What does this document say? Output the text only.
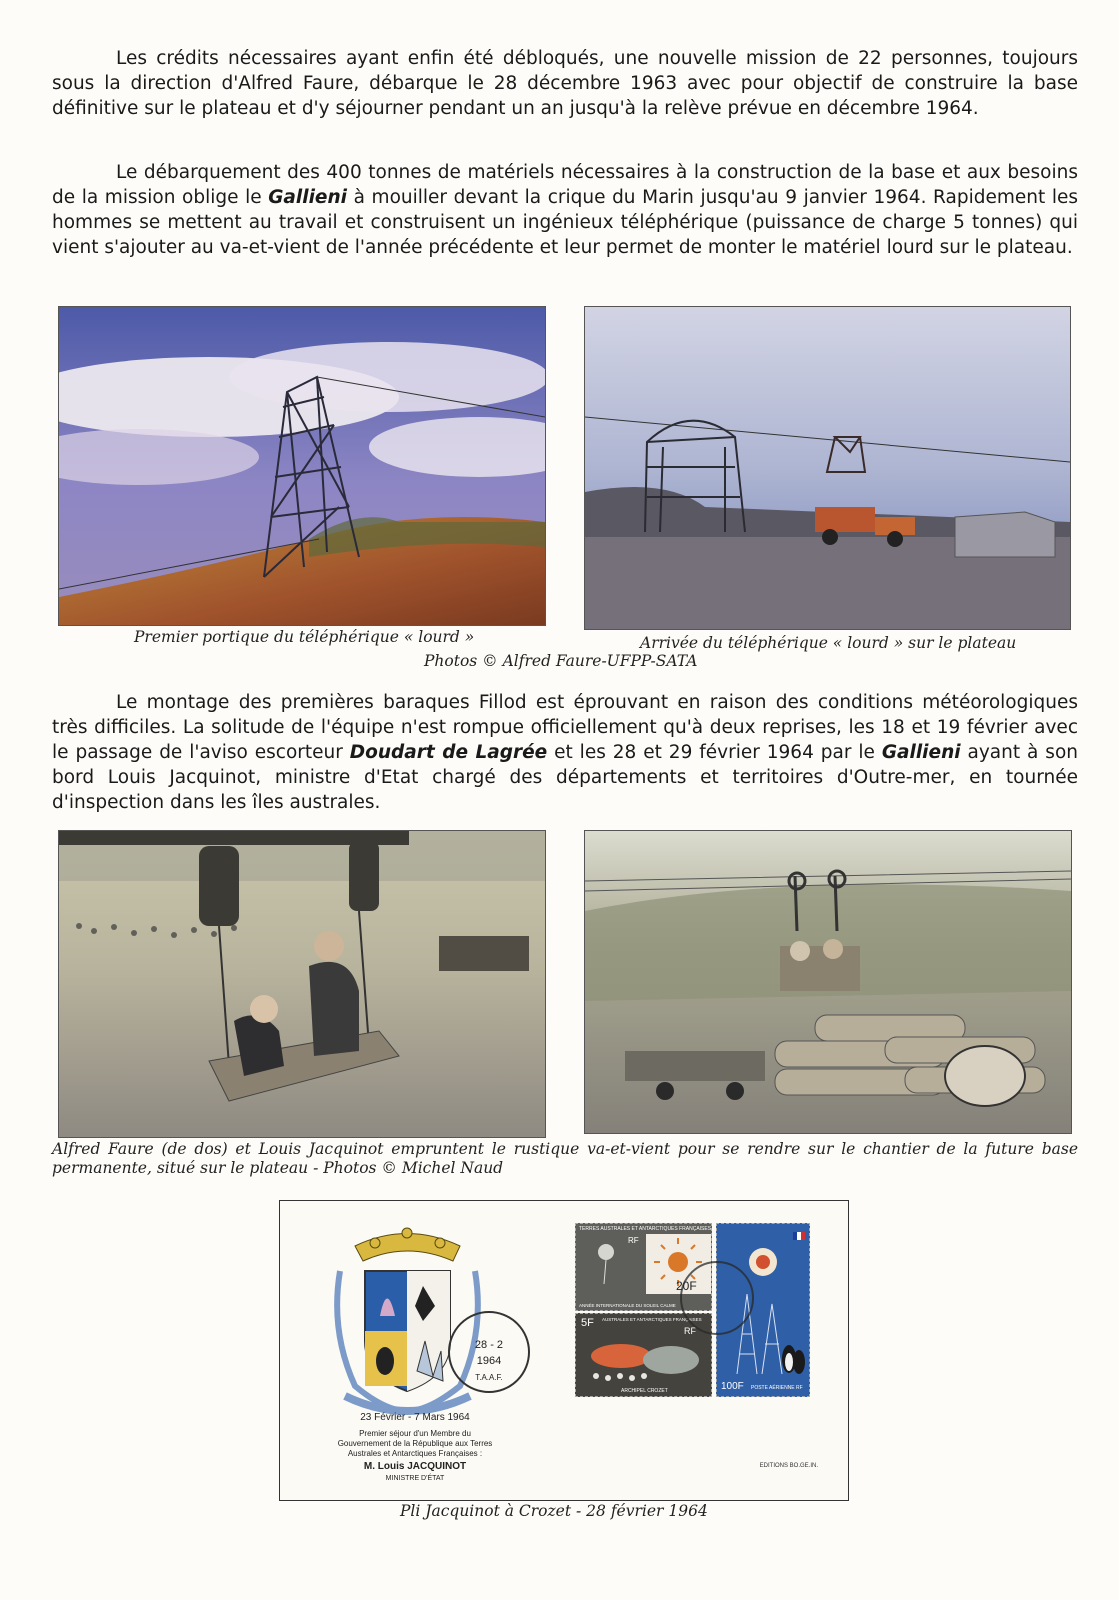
Les crédits nécessaires ayant enfin été débloqués, une nouvelle mission de 22 personnes, toujours sous la direction d'Alfred Faure, débarque le 28 décembre 1963 avec pour objectif de construire la base définitive sur le plateau et d'y séjourner pendant un an jusqu'à la relève prévue en décembre 1964.

Le débarquement des 400 tonnes de matériels nécessaires à la construction de la base et aux besoins de la mission oblige le Gallieni à mouiller devant la crique du Marin jusqu'au 9 janvier 1964. Rapidement les hommes se mettent au travail et construisent un ingénieux téléphérique (puissance de charge 5 tonnes) qui vient s'ajouter au va-et-vient de l'année précédente et leur permet de monter le matériel lourd sur le plateau.

Premier portique du téléphérique « lourd »	Arrivée du téléphérique « lourd » sur le plateau

Photos © Alfred Faure-UFPP-SATA

Le montage des premières baraques Fillod est éprouvant en raison des conditions météorologiques très difficiles. La solitude de l'équipe n'est rompue officiellement qu'à deux reprises, les 18 et 19 février avec le passage de l'aviso escorteur Doudart de Lagrée et les 28 et 29 février 1964 par le Gallieni ayant à son bord Louis Jacquinot, ministre d'Etat chargé des départements et territoires d'Outre-mer, en tournée d'inspection dans les îles australes.

Alfred Faure (de dos) et Louis Jacquinot empruntent le rustique va-et-vient pour se rendre sur le chantier de la future base permanente, situé sur le plateau - Photos © Michel Naud

28 - 2
1964
T.A.A.F.

23 Février - 7 Mars 1964

Premier séjour d'un Membre du

Gouvernement de la République aux Terres

Australes et Antarctiques Françaises :

M. Louis JACQUINOT

MINISTRE D'ÉTAT

EDITIONS BO.GE.IN.

TERRES AUSTRALES ET ANTARCTIQUES FRANÇAISES
RF
20F
ANNÉE INTERNATIONALE DU SOLEIL CALME
5F AUSTRALES ET ANTARCTIQUES FRANÇAISES
RF
ARCHIPEL CROZET	100F POSTE AÉRIENNE RF

Pli Jacquinot à Crozet - 28 février 1964
